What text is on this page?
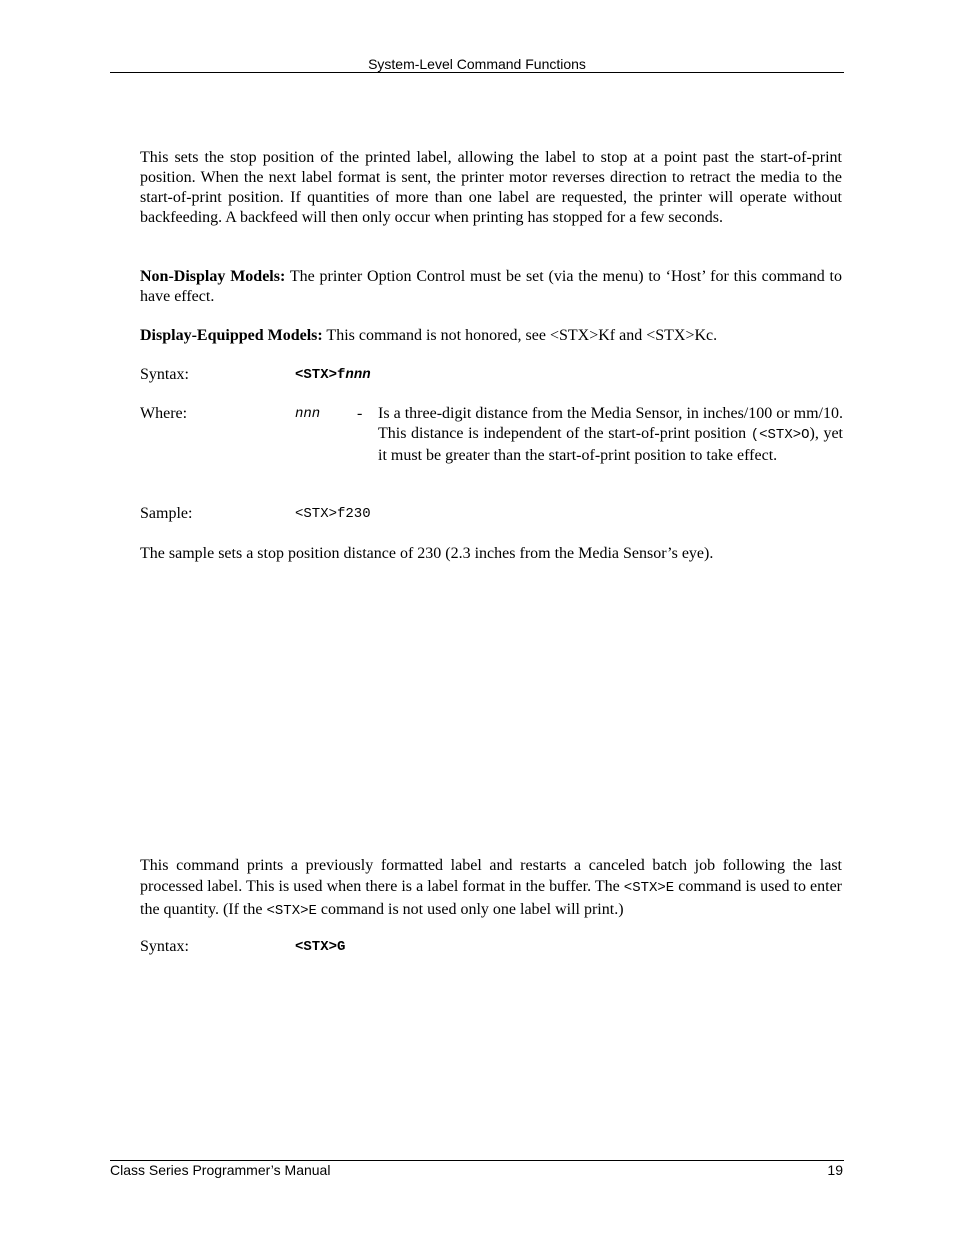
System-Level Command Functions
This sets the stop position of the printed label, allowing the label to stop at a point past the start-of-print position. When the next label format is sent, the printer motor reverses direction to retract the media to the start-of-print position. If quantities of more than one label are requested, the printer will operate without backfeeding. A backfeed will then only occur when printing has stopped for a few seconds.
Non-Display Models: The printer Option Control must be set (via the menu) to ‘Host’ for this command to have effect.
Display-Equipped Models: This command is not honored, see <STX>Kf and <STX>Kc.
Syntax:	<STX>fnnn
Where:	nnn - Is a three-digit distance from the Media Sensor, in inches/100 or mm/10. This distance is independent of the start-of-print position (<STX>O), yet it must be greater than the start-of-print position to take effect.
Sample:	<STX>f230
The sample sets a stop position distance of 230 (2.3 inches from the Media Sensor’s eye).
This command prints a previously formatted label and restarts a canceled batch job following the last processed label. This is used when there is a label format in the buffer. The <STX>E command is used to enter the quantity. (If the <STX>E command is not used only one label will print.)
Syntax:	<STX>G
Class Series Programmer’s Manual	19
